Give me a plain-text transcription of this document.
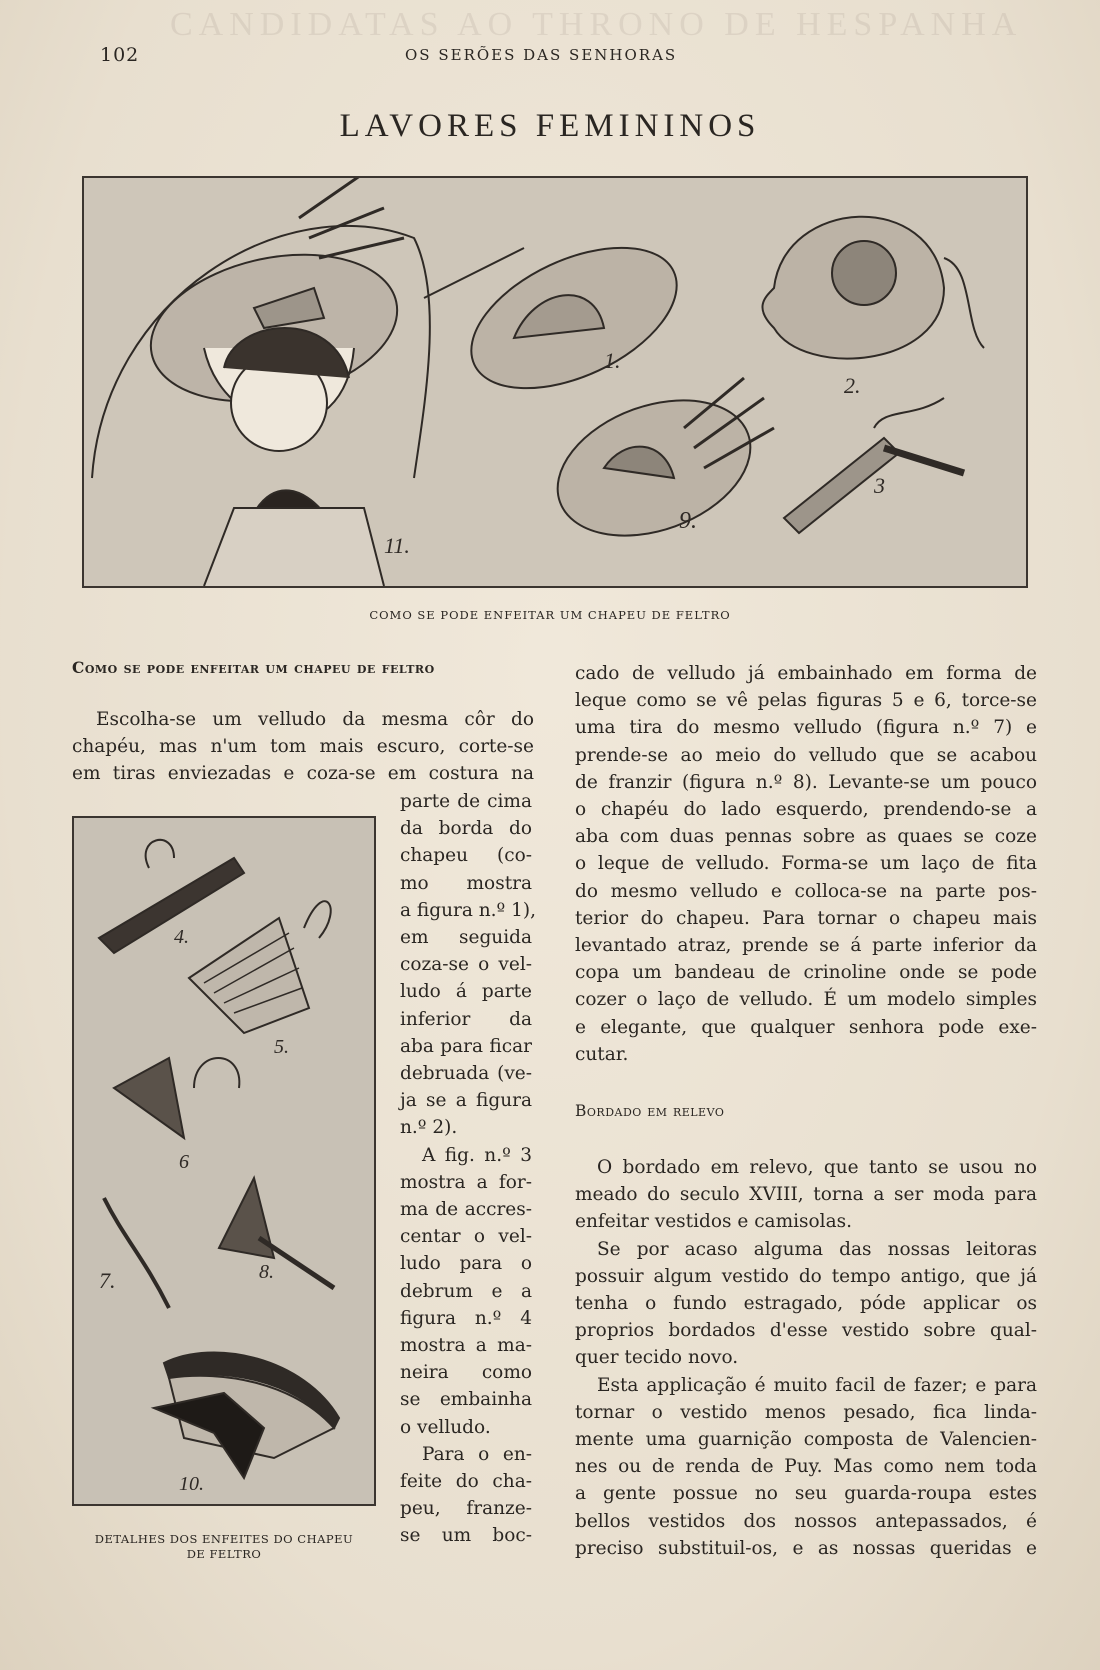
CANDIDATAS AO THRONO DE HESPANHA
102	OS SERÕES DAS SENHORAS
LAVORES FEMININOS
1.
2.
3
9.
11.
COMO SE PODE ENFEITAR UM CHAPEU DE FELTRO
Como se pode enfeitar um chapeu de feltro
Escolha-se um velludo da mesma côr do
chapéu, mas n'um tom mais escuro, corte-se
em tiras enviezadas e coza-se em costura na
parte de cima
da borda do
chapeu (co-
mo mostra
a figura n.º 1),
em seguida
coza-se o vel-
ludo á parte
inferior da
aba para ficar
debruada (ve-
ja se a figura
n.º 2).
A fig. n.º 3
mostra a for-
ma de accres-
centar o vel-
ludo para o
debrum e a
figura n.º 4
mostra a ma-
neira como
se embainha
o velludo.
Para o en-
feite do cha-
peu, franze-
se um boc-
4.
5.
6
7.	8.
10.
DETALHES DOS ENFEITES DO CHAPEU
DE FELTRO
cado de velludo já embainhado em forma de
leque como se vê pelas figuras 5 e 6, torce-se
uma tira do mesmo velludo (figura n.º 7) e
prende-se ao meio do velludo que se acabou
de franzir (figura n.º 8). Levante-se um pouco
o chapéu do lado esquerdo, prendendo-se a
aba com duas pennas sobre as quaes se coze
o leque de velludo. Forma-se um laço de fita
do mesmo velludo e colloca-se na parte pos-
terior do chapeu. Para tornar o chapeu mais
levantado atraz, prende se á parte inferior da
copa um bandeau de crinoline onde se pode
cozer o laço de velludo. É um modelo simples
e elegante, que qualquer senhora pode exe-
cutar.
Bordado em relevo
O bordado em relevo, que tanto se usou no
meado do seculo XVIII, torna a ser moda para
enfeitar vestidos e camisolas.
Se por acaso alguma das nossas leitoras
possuir algum vestido do tempo antigo, que já
tenha o fundo estragado, póde applicar os
proprios bordados d'esse vestido sobre qual-
quer tecido novo.
Esta applicação é muito facil de fazer; e para
tornar o vestido menos pesado, fica linda-
mente uma guarnição composta de Valencien-
nes ou de renda de Puy. Mas como nem toda
a gente possue no seu guarda-roupa estes
bellos vestidos dos nossos antepassados, é
preciso substituil-os, e as nossas queridas e
